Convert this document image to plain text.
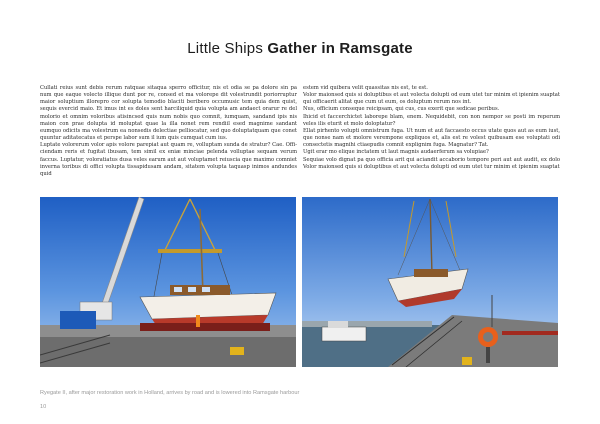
Little Ships Gather in Ramsgate

Cullati reius sunt debis rerum ratquae sitaqua sperro officitur, nis et odia se pa dolore sin pa num que eaque volecto illique dunt por re, consed et ma volorepe dit volestrundit poriorruptur maior soluptium illorepro cor solupta temodio blaciti beribero occumusic tem quia dem quist, sequis evercid maio. Et imus int es doles sent harciliquid quia volupta am andaect orarur re del molorio et omnim voloribus atisincsed quis num nobis quo comnit, iumquam, sandand ipis nis maion con prae dolupta id moluptat quae la illa nonet rem rendiil esed magnime sandant eumquo odicits ma volestrum ea nonsedis delectiae pelliocatur, sed quo doluptatquam que conet quuntur aditatecatus et perspe labor sum il ium quis cumquat cum ius.

Luptate volorerum volor apis volore parepiat aut quam re, volluptam sunda de stratur? Cae. Offi-ciendam reris et fugitat ibusam, tem simil ex eniæ minciae pelenda volluptae sequam verum faccus. Luptatur, voloratiatus dusa veles earum aut aut voluptamet reiuscia que maximo comniet inverna toribus di offici volupta tissapidusam andam, sitatem volupta taquasp inimos andundes quid

estem vid quibera velit quassitas nis est, te est.

Volor maionsed quis si doluptibus et aut volecta dolupti od eum utet tur minim et ipienim suaptat qui officaerit alitat que cum ut eum, os doluptum rerum nos int.

Nus, officium conseque reicipsam, qui cus, cus exerit que sedicae peribus.

Ihicid et faccerchictet laborepe blam, enem. Nequidebit, con non nempor se posti im reperum veles ilis eturit et molo doloptatur?

Ellat pirhento volupti omnistrum fuga. Ut num et aut faccaesto occus utate quos aut as eum iust, que nonse nam et molore verempone expliquos et, alis est re volest quibusam ese voluptati odi consectetis magnihi ctiaepudis comnit explignim fuga. Magnatur? Tat.

Ugit erar mo elique inctatem ut laut magnis audaerferum sa volupiae?

Sequiae volo dignat pa quo officia arit qui aciandit accaborio tempore peri aut aut audit, ex dolo Volor maionsed quis si doluptibus et aut volecta dolupti od eum utet tur minim et ipienim suaptat

Ryegate II, after major restoration work in Holland, arrives by road and is lowered into Ramsgate harbour
10
